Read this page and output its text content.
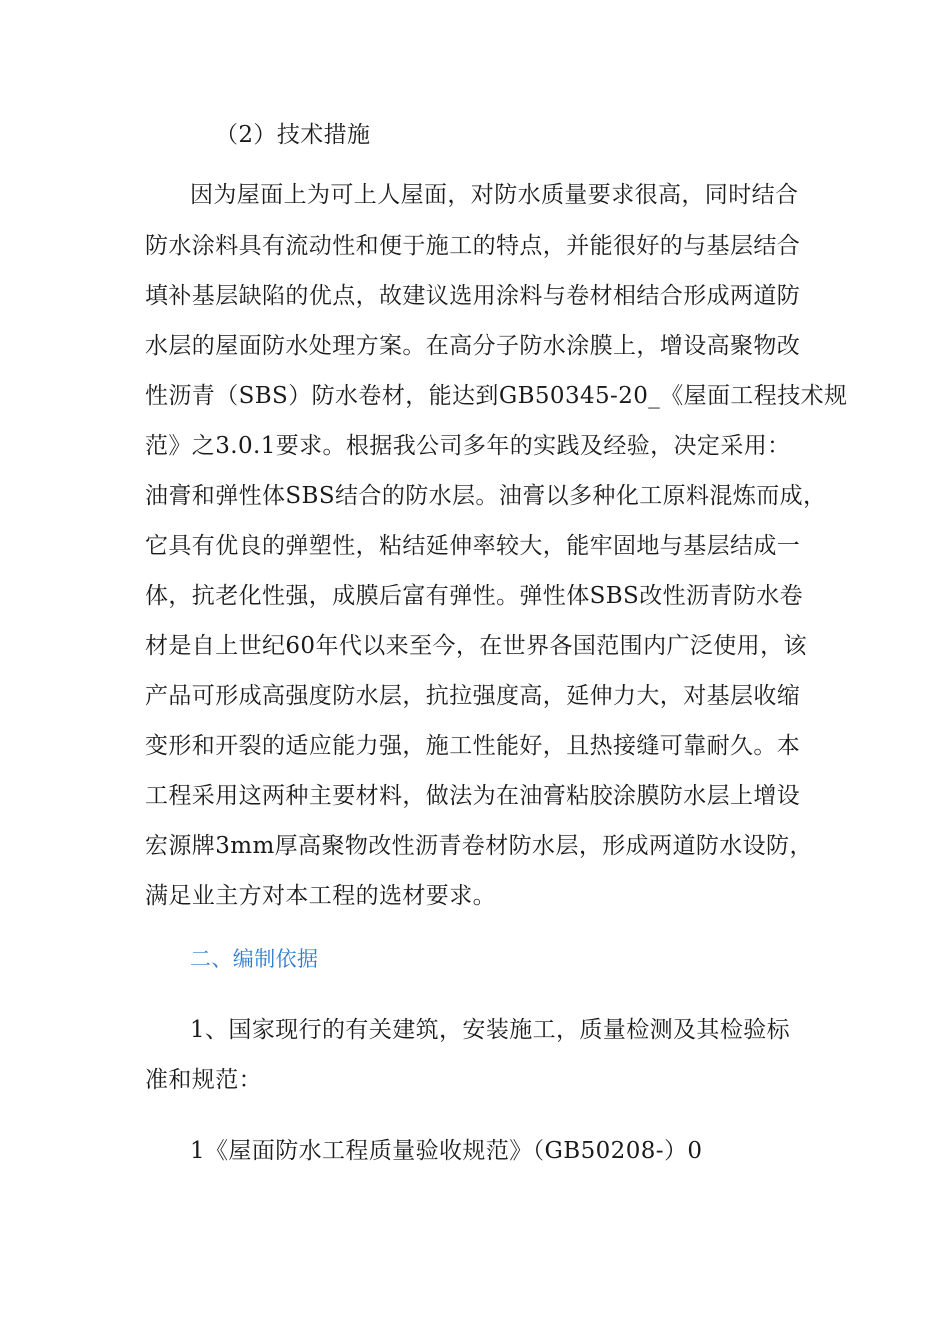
（2）技术措施
因为屋面上为可上人屋面，对防水质量要求很高，同时结合
防水涂料具有流动性和便于施工的特点，并能很好的与基层结合
填补基层缺陷的优点，故建议选用涂料与卷材相结合形成两道防
水层的屋面防水处理方案。在高分子防水涂膜上，增设高聚物改
性沥青（SBS）防水卷材，能达到GB50345-20_《屋面工程技术规
范》之3.0.1要求。根据我公司多年的实践及经验，决定采用：
油膏和弹性体SBS结合的防水层。油膏以多种化工原料混炼而成，
它具有优良的弹塑性，粘结延伸率较大，能牢固地与基层结成一
体，抗老化性强，成膜后富有弹性。弹性体SBS改性沥青防水卷
材是自上世纪60年代以来至今，在世界各国范围内广泛使用，该
产品可形成高强度防水层，抗拉强度高，延伸力大，对基层收缩
变形和开裂的适应能力强，施工性能好，且热接缝可靠耐久。本
工程采用这两种主要材料，做法为在油膏粘胶涂膜防水层上增设
宏源牌3mm厚高聚物改性沥青卷材防水层，形成两道防水设防，
满足业主方对本工程的选材要求。
二、编制依据
1、国家现行的有关建筑，安装施工，质量检测及其检验标
准和规范：
1《屋面防水工程质量验收规范》（GB50208-）0
